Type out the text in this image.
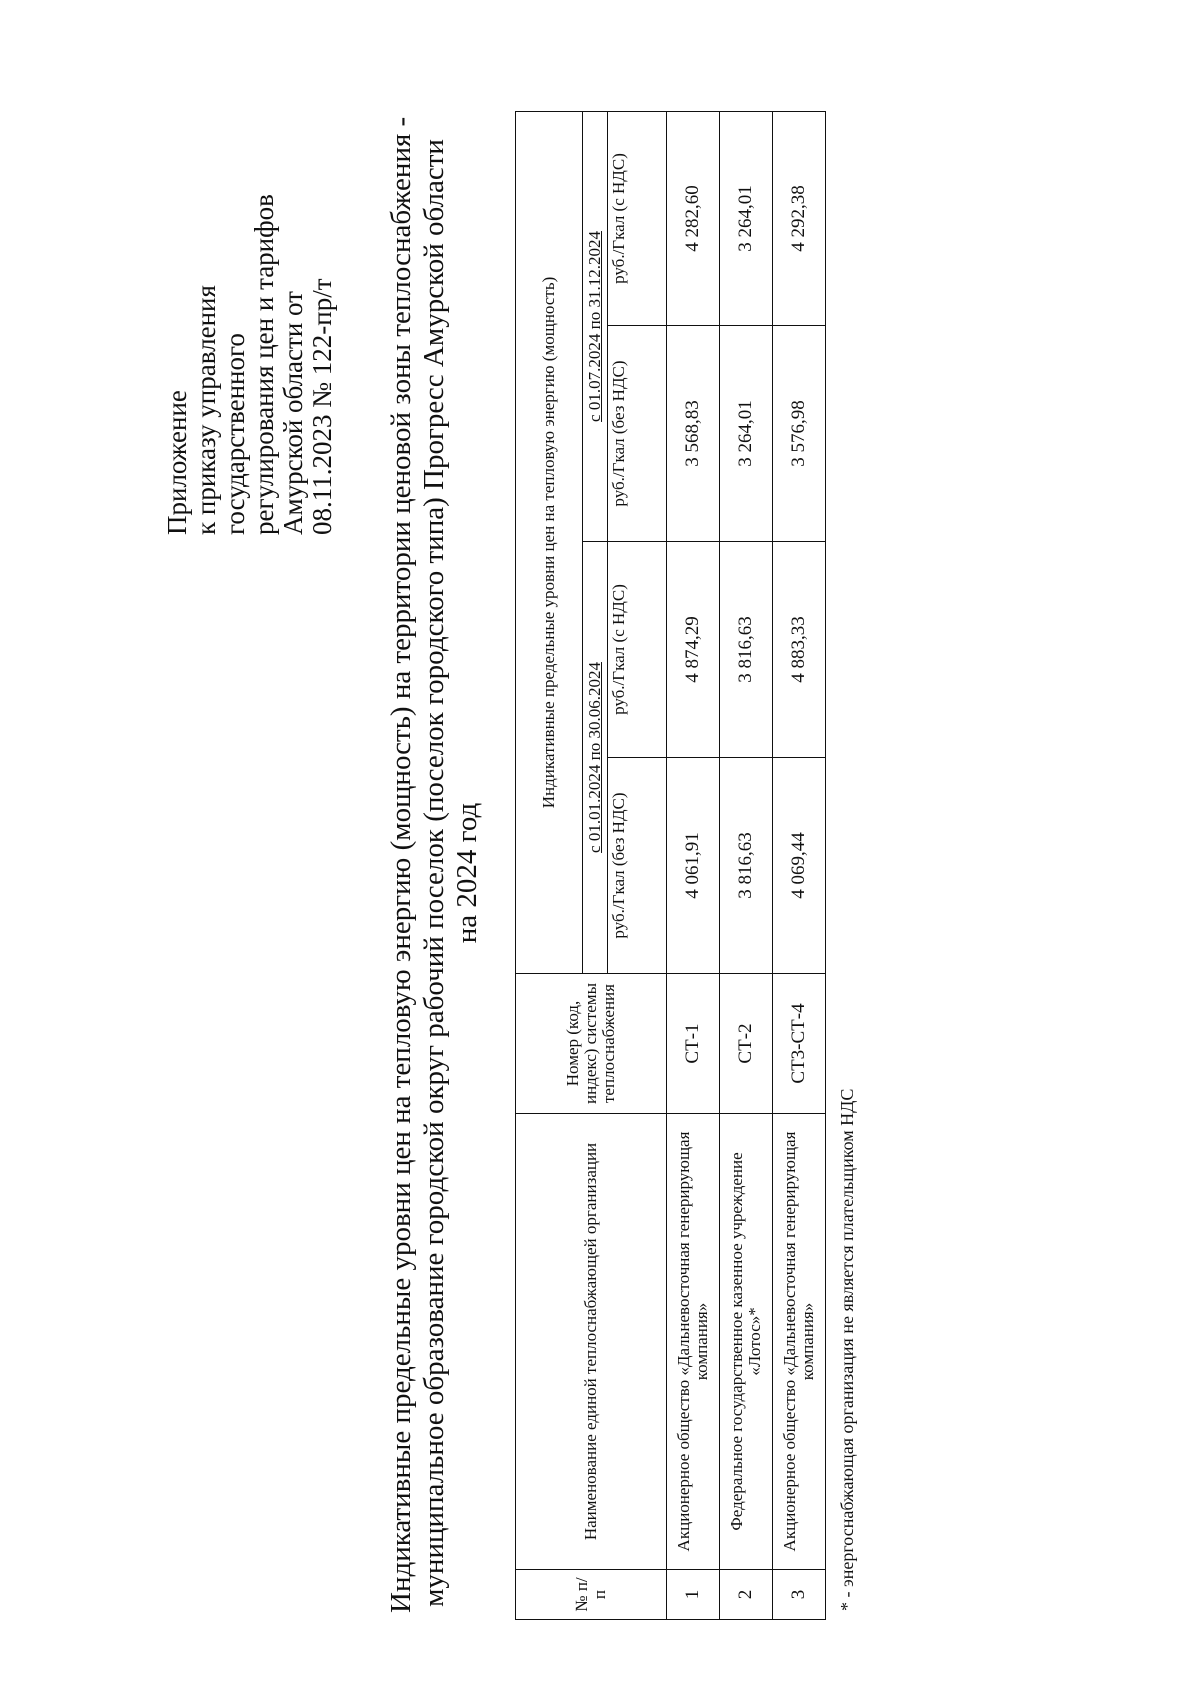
Приложение к приказу управления государственного регулирования цен и тарифов Амурской области от 08.11.2023 № 122-пр/т Индикативные предельные уровни цен на тепловую энергию (мощность) на территории ценовой зоны теплоснабжения - муниципальное образование городской округ рабочий поселок (поселок городского типа) Прогресс Амурской области на 2024 год
№ п/п	Наименование единой теплоснабжающей организации	Номер (код, индекс) системы теплоснабжения	Индикативные предельные уровни цен на тепловую энергию (мощность)			
			с 01.01.2024 по 30.06.2024		с 01.07.2024 по 31.12.2024	
			руб./Гкал (без НДС)	руб./Гкал (с НДС)	руб./Гкал (без НДС)	руб./Гкал (с НДС)
1	Акционерное общество «Дальневосточная генерирующая компания»	СТ-1	4 061,91	4 874,29	3 568,83	4 282,60
2	Федеральное государственное казенное учреждение «Лотос»*	СТ-2	3 816,63	3 816,63	3 264,01	3 264,01
3	Акционерное общество «Дальневосточная генерирующая компания»	СТ3-СТ-4	4 069,44	4 883,33	3 576,98	4 292,38
* - энергоснабжающая организация не является плательщиком НДС
